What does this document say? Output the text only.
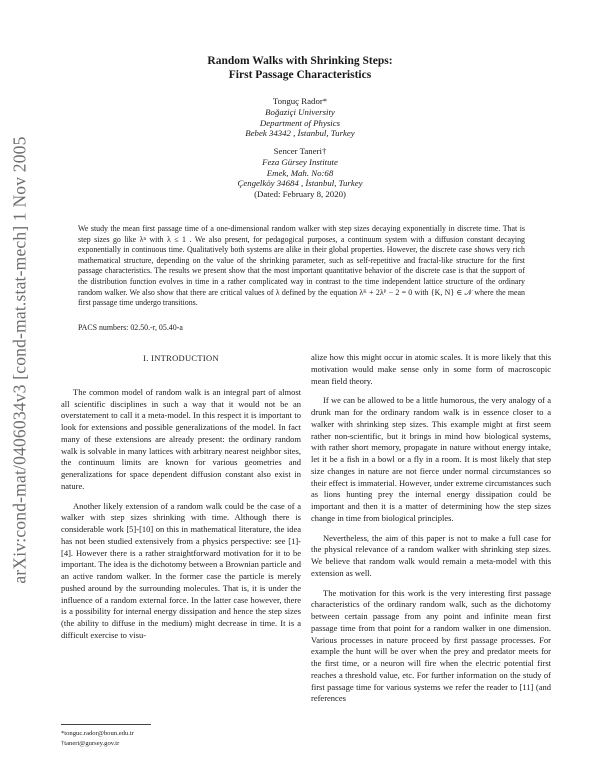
arXiv:cond-mat/0406034v3 [cond-mat.stat-mech] 1 Nov 2005
Random Walks with Shrinking Steps:
First Passage Characteristics
Tonguç Rador*
Boğaziçi University
Department of Physics
Bebek 34342 , İstanbul, Turkey
Sencer Taneri†
Feza Gürsey Institute
Emek, Mah. No:68
Çengelköy 34684 , İstanbul, Turkey
(Dated: February 8, 2020)

We study the mean first passage time of a one-dimensional random walker with step sizes decaying exponentially in discrete time. That is step sizes go like λⁿ with λ ≤ 1 . We also present, for pedagogical purposes, a continuum system with a diffusion constant decaying exponentially in continuous time. Qualitatively both systems are alike in their global properties. However, the discrete case shows very rich mathematical structure, depending on the value of the shrinking parameter, such as self-repetitive and fractal-like structure for the first passage characteristics. The results we present show that the most important quantitative behavior of the discrete case is that the support of the distribution function evolves in time in a rather complicated way in contrast to the time independent lattice structure of the ordinary random walker. We also show that there are critical values of λ defined by the equation λᴷ + 2λᴾ − 2 = 0 with {K, N} ∈ 𝒩 where the mean first passage time undergo transitions.

PACS numbers: 02.50.-r, 05.40-a
I. INTRODUCTION

The common model of random walk is an integral part of almost all scientific disciplines in such a way that it would not be an overstatement to call it a meta-model. In this respect it is important to look for extensions and possible generalizations of the model. In fact many of these extensions are already present: the ordinary random walk is solvable in many lattices with arbitrary nearest neighbor sites, the continuum limits are known for various geometries and generalizations for space dependent diffusion constant also exist in nature.

Another likely extension of a random walk could be the case of a walker with step sizes shrinking with time. Although there is considerable work [5]-[10] on this in mathematical literature, the idea has not been studied extensively from a physics perspective: see [1]-[4]. However there is a rather straightforward motivation for it to be important. The idea is the dichotomy between a Brownian particle and an active random walker. In the former case the particle is merely pushed around by the surrounding molecules. That is, it is under the influence of a random external force. In the latter case however, there is a possibility for internal energy dissipation and hence the step sizes (the ability to diffuse in the medium) might decrease in time. It is a difficult exercise to visu-

alize how this might occur in atomic scales. It is more likely that this motivation would make sense only in some form of macroscopic mean field theory.

If we can be allowed to be a little humorous, the very analogy of a drunk man for the ordinary random walk is in essence closer to a walker with shrinking step sizes. This example might at first seem rather non-scientific, but it brings in mind how biological systems, with rather short memory, propagate in nature without energy intake, let it be a fish in a bowl or a fly in a room. It is most likely that step size changes in nature are not fierce under normal circumstances so their effect is immaterial. However, under extreme circumstances such as lions hunting prey the internal energy dissipation could be important and then it is a matter of determining how the step sizes change in time from biological principles.

Nevertheless, the aim of this paper is not to make a full case for the physical relevance of a random walker with shrinking step sizes. We believe that random walk would remain a meta-model with this extension as well.

The motivation for this work is the very interesting first passage characteristics of the ordinary random walk, such as the dichotomy between certain passage from any point and infinite mean first passage time from that point for a random walker in one dimension. Various processes in nature proceed by first passage processes. For example the hunt will be over when the prey and predator meets for the first time, or a neuron will fire when the electric potential first reaches a threshold value, etc. For further information on the study of first passage time for various systems we refer the reader to [11] (and references

*tonguc.rador@boun.edu.tr
†taneri@gursey.gov.tr
